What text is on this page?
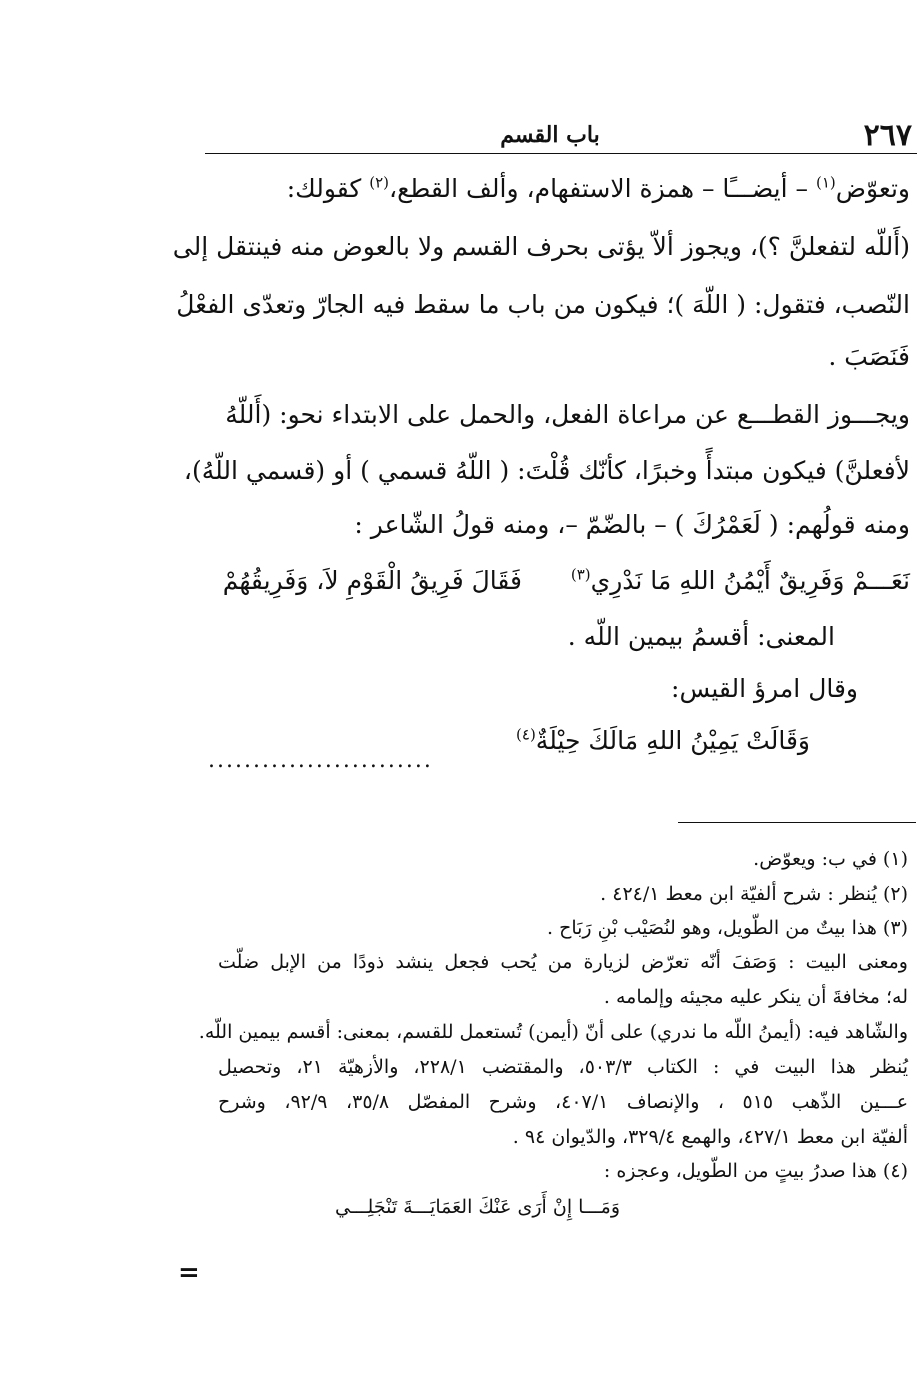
٢٦٧
باب القسم
وتعوّض$^{(١)}$ – أيضـــًا – همزة الاستفهام، وألف القطع،$^{(٢)}$ كقولك:
(أَللّه لتفعلنَّ ؟)، ويجوز ألاّ يؤتى بحرف القسم ولا بالعوض منه فينتقل إلى
النّصب، فتقول: ( اللّهَ )؛ فيكون من باب ما سقط فيه الجارّ وتعدّى الفعْلُ
فَنَصَبَ .
ويجـــوز القطـــع عن مراعاة الفعل، والحمل على الابتداء نحو: (أَللّهُ
لأفعلنَّ) فيكون مبتدأً وخبرًا، كأنّك قُلْتَ: ( اللّهُ قسمي ) أو (قسمي اللّهُ)،
ومنه قولُهم: ( لَعَمْرُكَ ) – بالضّمّ –، ومنه قولُ الشّاعر :
فَقَالَ فَرِيقُ الْقَوْمِ لاَ، وَفَرِيقُهُمْ	نَعَـــمْ وَفَرِيقٌ أَيْمُنُ اللهِ مَا نَدْرِي$^{(٣)}$
المعنى: أقسمُ بيمين اللّه .
وقال امرؤ القيس:
وَقَالَتْ يَمِيْنُ اللهِ مَالَكَ حِيْلَةٌ$^{(٤)}$
.........................
(١) في ب: ويعوّض.
(٢) يُنظر : شرح ألفيّة ابن معط ٤٢٤/١ .
(٣) هذا بيتٌ من الطّويل، وهو لنُصَيْب بْنِ رَبَاح .
ومعنى البيت : وَصَفَ أنّه تعرّض لزيارة من يُحب فجعل ينشد ذودًا من الإبل ضلّت
له؛ مخافةَ أن ينكر عليه مجيئه وإلمامه .
والشّاهد فيه: (أيمنُ اللّه ما ندري) على أنّ (أيمن) تُستعمل للقسم، بمعنى: أقسم بيمين اللّه.
يُنظر هذا البيت في : الكتاب ٥٠٣/٣، والمقتضب ٢٢٨/١، والأزهيّة ٢١، وتحصيل
عـــين الذّهب ٥١٥ ، والإنصاف ٤٠٧/١، وشرح المفصّل ٣٥/٨، ٩٢/٩، وشرح
ألفيّة ابن معط ٤٢٧/١، والهمع ٣٢٩/٤، والدّيوان ٩٤ .
(٤) هذا صدرُ بيتٍ من الطّويل، وعجزه :
وَمَـــا إِنْ أَرَى عَنْكَ العَمَايَـــةَ تَنْجَلِـــي
=
